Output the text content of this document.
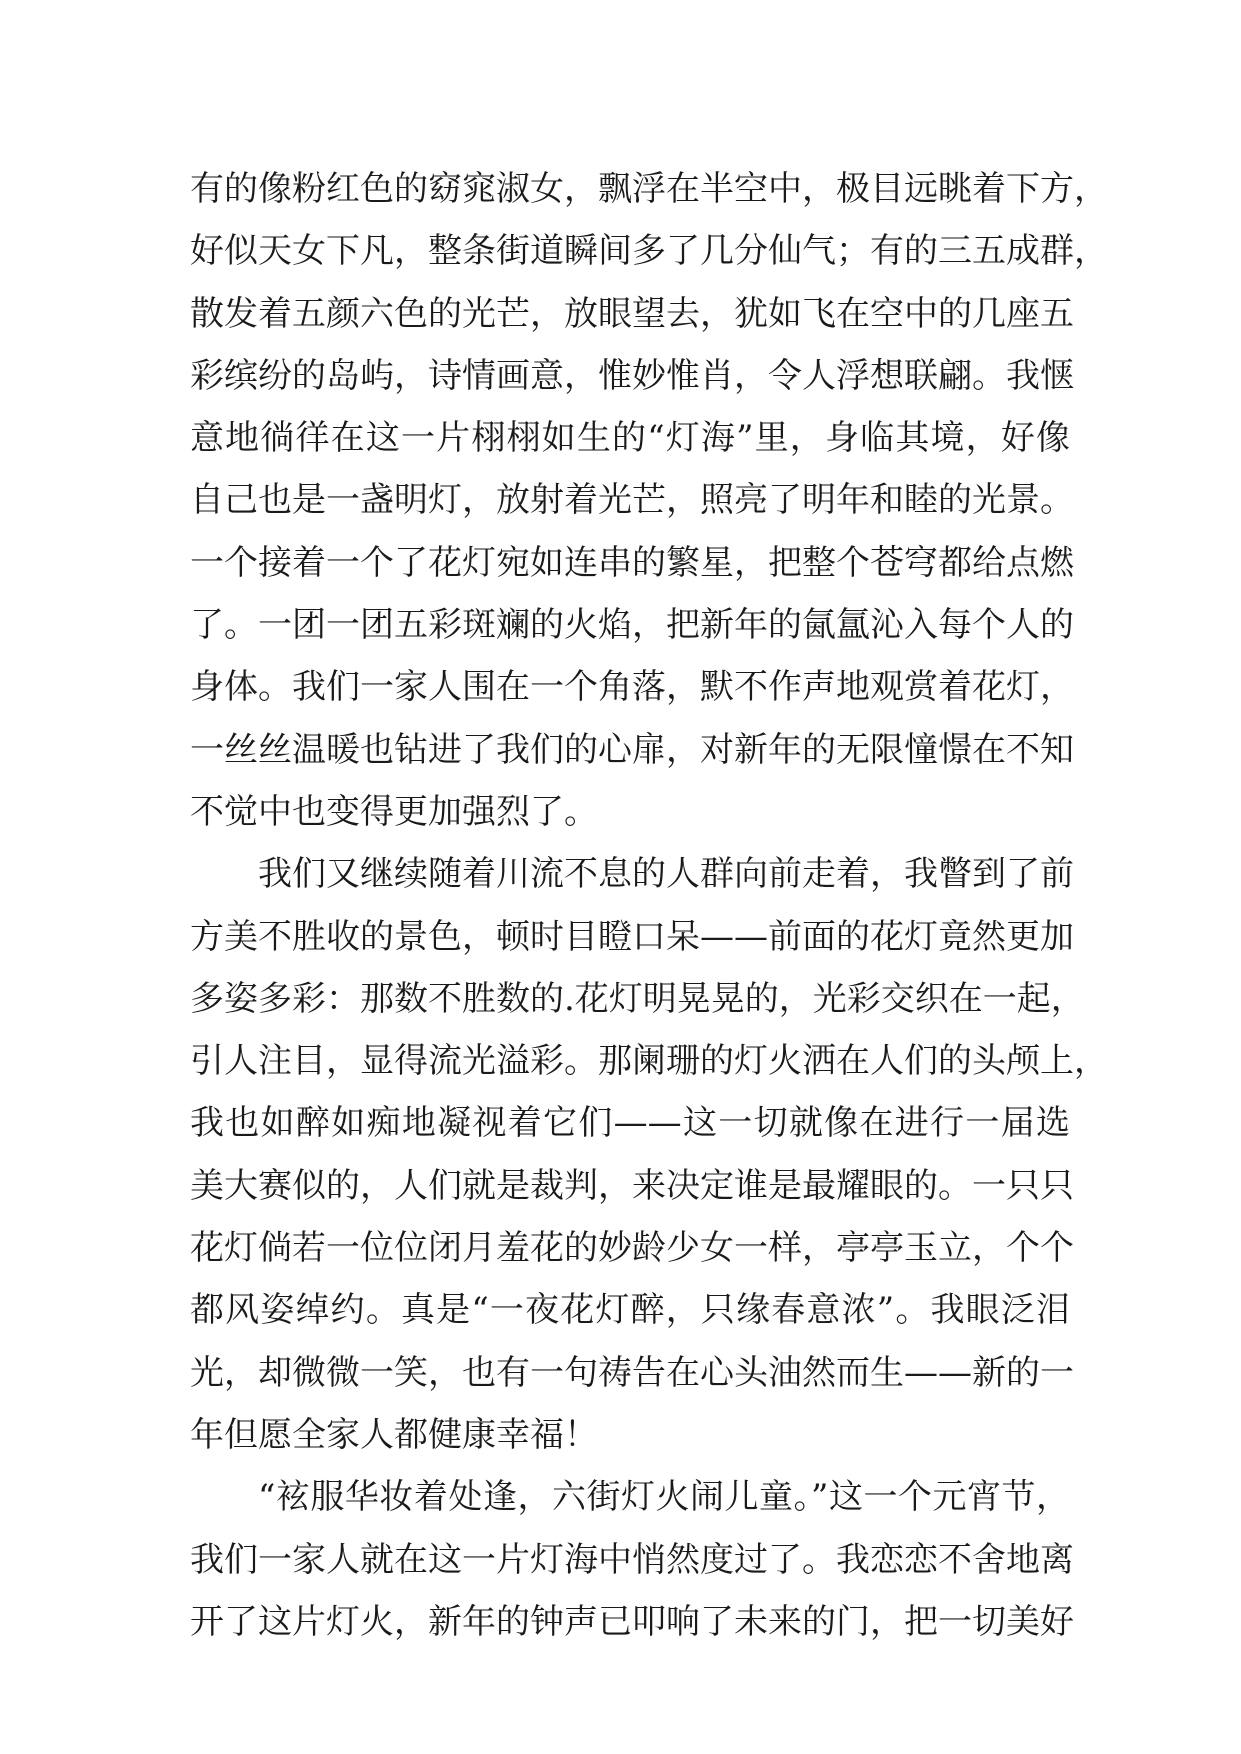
有的像粉红色的窈窕淑女，飘浮在半空中，极目远眺着下方，
好似天女下凡，整条街道瞬间多了几分仙气；有的三五成群，
散发着五颜六色的光芒，放眼望去，犹如飞在空中的几座五
彩缤纷的岛屿，诗情画意，惟妙惟肖，令人浮想联翩。我惬
意地徜徉在这一片栩栩如生的“灯海”里，身临其境，好像
自己也是一盏明灯，放射着光芒，照亮了明年和睦的光景。
一个接着一个了花灯宛如连串的繁星，把整个苍穹都给点燃
了。一团一团五彩斑斓的火焰，把新年的氤氲沁入每个人的
身体。我们一家人围在一个角落，默不作声地观赏着花灯，
一丝丝温暖也钻进了我们的心扉，对新年的无限憧憬在不知
不觉中也变得更加强烈了。
我们又继续随着川流不息的人群向前走着，我瞥到了前
方美不胜收的景色，顿时目瞪口呆——前面的花灯竟然更加
多姿多彩：那数不胜数的.花灯明晃晃的，光彩交织在一起，
引人注目，显得流光溢彩。那阑珊的灯火洒在人们的头颅上，
我也如醉如痴地凝视着它们——这一切就像在进行一届选
美大赛似的，人们就是裁判，来决定谁是最耀眼的。一只只
花灯倘若一位位闭月羞花的妙龄少女一样，亭亭玉立，个个
都风姿绰约。真是“一夜花灯醉，只缘春意浓”。我眼泛泪
光，却微微一笑，也有一句祷告在心头油然而生——新的一
年但愿全家人都健康幸福！
“袨服华妆着处逢，六街灯火闹儿童。”这一个元宵节，
我们一家人就在这一片灯海中悄然度过了。我恋恋不舍地离
开了这片灯火，新年的钟声已叩响了未来的门，把一切美好
